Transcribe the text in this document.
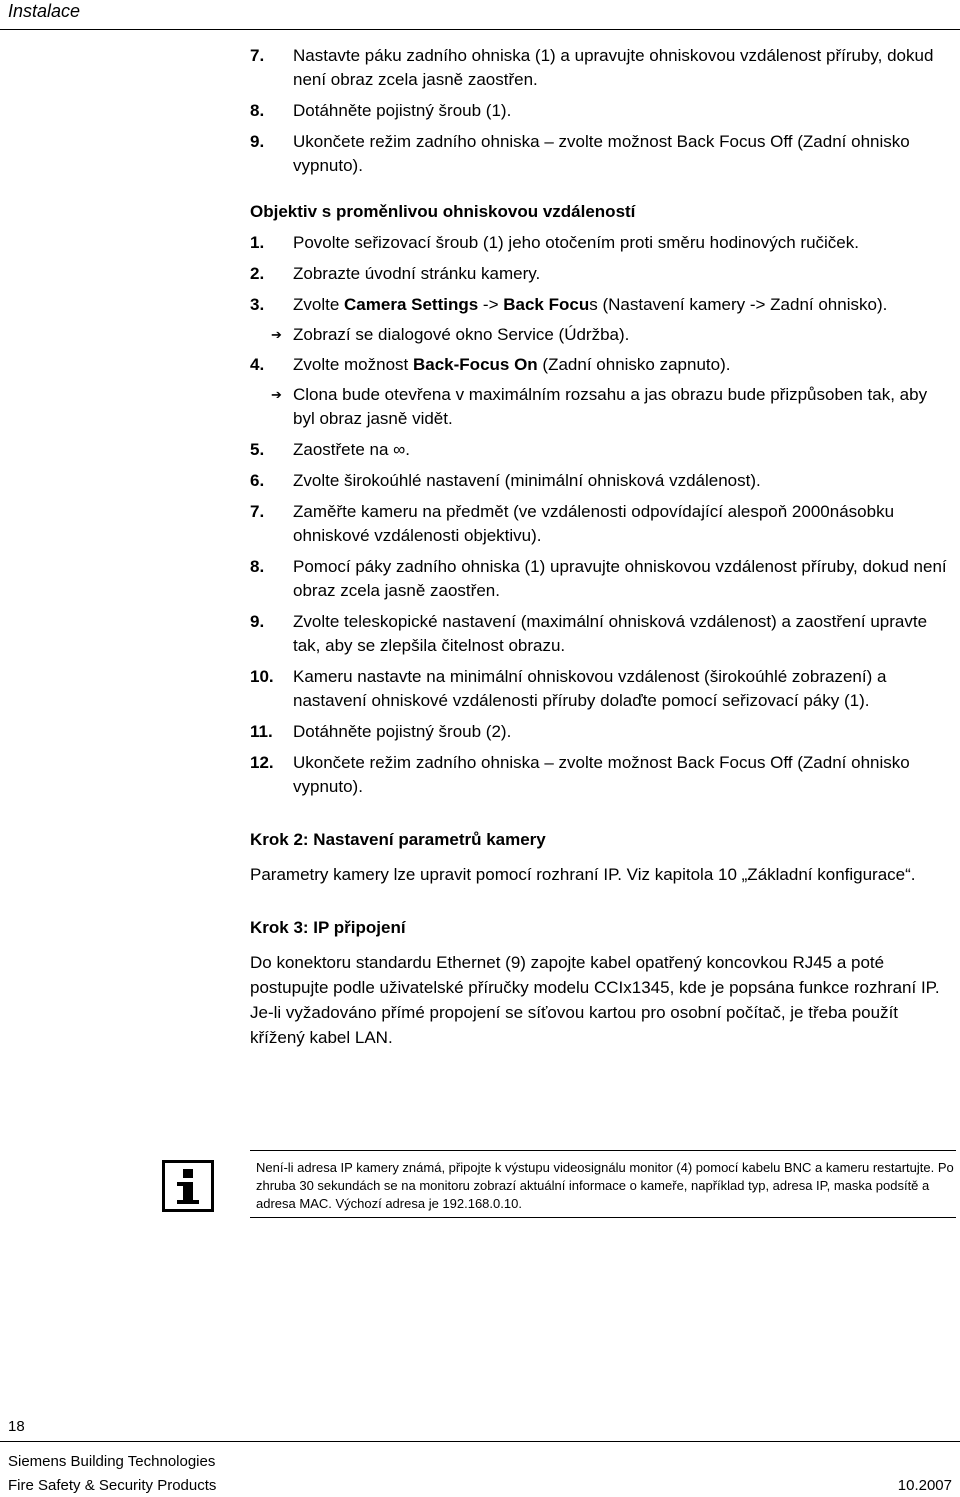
Instalace
7. Nastavte páku zadního ohniska (1) a upravujte ohniskovou vzdálenost příruby, dokud není obraz zcela jasně zaostřen.
8. Dotáhněte pojistný šroub (1).
9. Ukončete režim zadního ohniska – zvolte možnost Back Focus Off (Zadní ohnisko vypnuto).
Objektiv s proměnlivou ohniskovou vzdáleností
1. Povolte seřizovací šroub (1) jeho otočením proti směru hodinových ručiček.
2. Zobrazte úvodní stránku kamery.
3. Zvolte Camera Settings -> Back Focus (Nastavení kamery -> Zadní ohnisko).
➔ Zobrazí se dialogové okno Service (Údržba).
4. Zvolte možnost Back-Focus On (Zadní ohnisko zapnuto).
➔ Clona bude otevřena v maximálním rozsahu a jas obrazu bude přizpůsoben tak, aby byl obraz jasně vidět.
5. Zaostřete na ∞.
6. Zvolte širokoúhlé nastavení (minimální ohnisková vzdálenost).
7. Zaměřte kameru na předmět (ve vzdálenosti odpovídající alespoň 2000násobku ohniskové vzdálenosti objektivu).
8. Pomocí páky zadního ohniska (1) upravujte ohniskovou vzdálenost příruby, dokud není obraz zcela jasně zaostřen.
9. Zvolte teleskopické nastavení (maximální ohnisková vzdálenost) a zaostření upravte tak, aby se zlepšila čitelnost obrazu.
10. Kameru nastavte na minimální ohniskovou vzdálenost (širokoúhlé zobrazení) a nastavení ohniskové vzdálenosti příruby dolaďte pomocí seřizovací páky (1).
11. Dotáhněte pojistný šroub (2).
12. Ukončete režim zadního ohniska – zvolte možnost Back Focus Off (Zadní ohnisko vypnuto).
Krok 2: Nastavení parametrů kamery
Parametry kamery lze upravit pomocí rozhraní IP. Viz kapitola 10 „Základní konfigurace“.
Krok 3: IP připojení
Do konektoru standardu Ethernet (9) zapojte kabel opatřený koncovkou RJ45 a poté postupujte podle uživatelské příručky modelu CCIx1345, kde je popsána funkce rozhraní IP. Je-li vyžadováno přímé propojení se síťovou kartou pro osobní počítač, je třeba použít křížený kabel LAN.
Není-li adresa IP kamery známá, připojte k výstupu videosignálu monitor (4) pomocí kabelu BNC a kameru restartujte. Po zhruba 30 sekundách se na monitoru zobrazí aktuální informace o kameře, například typ, adresa IP, maska podsítě a adresa MAC. Výchozí adresa je 192.168.0.10.
18
Siemens Building Technologies
Fire Safety & Security Products	10.2007
